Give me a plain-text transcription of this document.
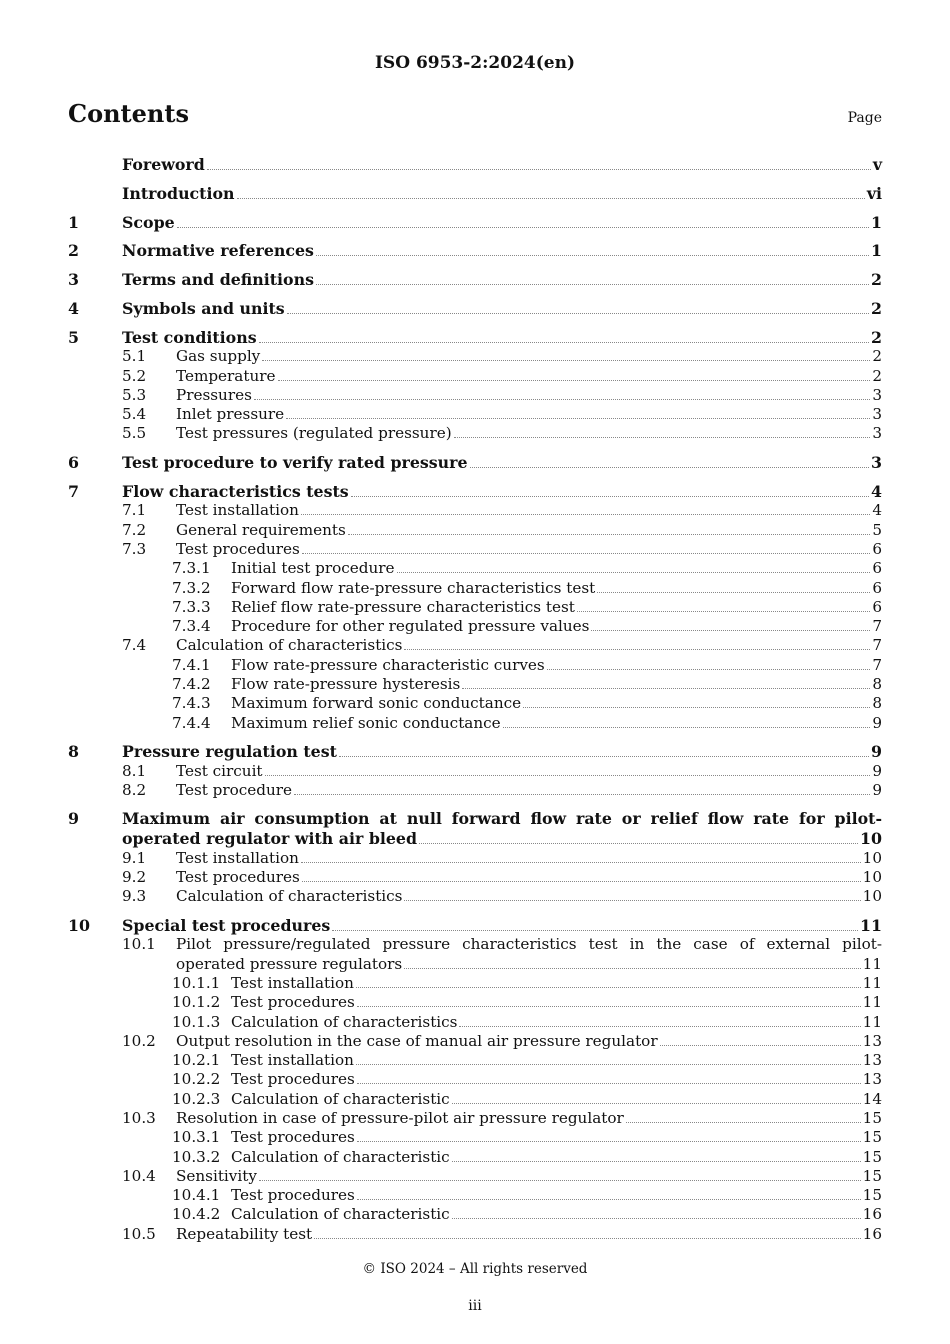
ISO 6953-2:2024(en)
Contents	Page
Foreword	v
Introduction	vi
1	Scope	1
2	Normative references	1
3	Terms and definitions	2
4	Symbols and units	2
5	Test conditions	2
5.1	Gas supply	2
5.2	Temperature	2
5.3	Pressures	3
5.4	Inlet pressure	3
5.5	Test pressures (regulated pressure)	3
6	Test procedure to verify rated pressure	3
7	Flow characteristics tests	4
7.1	Test installation	4
7.2	General requirements	5
7.3	Test procedures	6
7.3.1	Initial test procedure	6
7.3.2	Forward flow rate-pressure characteristics test	6
7.3.3	Relief flow rate-pressure characteristics test	6
7.3.4	Procedure for other regulated pressure values	7
7.4	Calculation of characteristics	7
7.4.1	Flow rate-pressure characteristic curves	7
7.4.2	Flow rate-pressure hysteresis	8
7.4.3	Maximum forward sonic conductance	8
7.4.4	Maximum relief sonic conductance	9
8	Pressure regulation test	9
8.1	Test circuit	9
8.2	Test procedure	9
9	Maximum air consumption at null forward flow rate or relief flow rate for pilot-
operated regulator with air bleed	10
9.1	Test installation	10
9.2	Test procedures	10
9.3	Calculation of characteristics	10
10	Special test procedures	11
10.1	Pilot pressure/regulated pressure characteristics test in the case of external pilot-
operated pressure regulators	11
10.1.1 Test installation	11
10.1.2 Test procedures	11
10.1.3 Calculation of characteristics	11
10.2	Output resolution in the case of manual air pressure regulator	13
10.2.1 Test installation	13
10.2.2 Test procedures	13
10.2.3 Calculation of characteristic	14
10.3	Resolution in case of pressure-pilot air pressure regulator	15
10.3.1 Test procedures	15
10.3.2 Calculation of characteristic	15
10.4	Sensitivity	15
10.4.1 Test procedures	15
10.4.2 Calculation of characteristic	16
10.5	Repeatability test	16
© ISO 2024 – All rights reserved
iii
